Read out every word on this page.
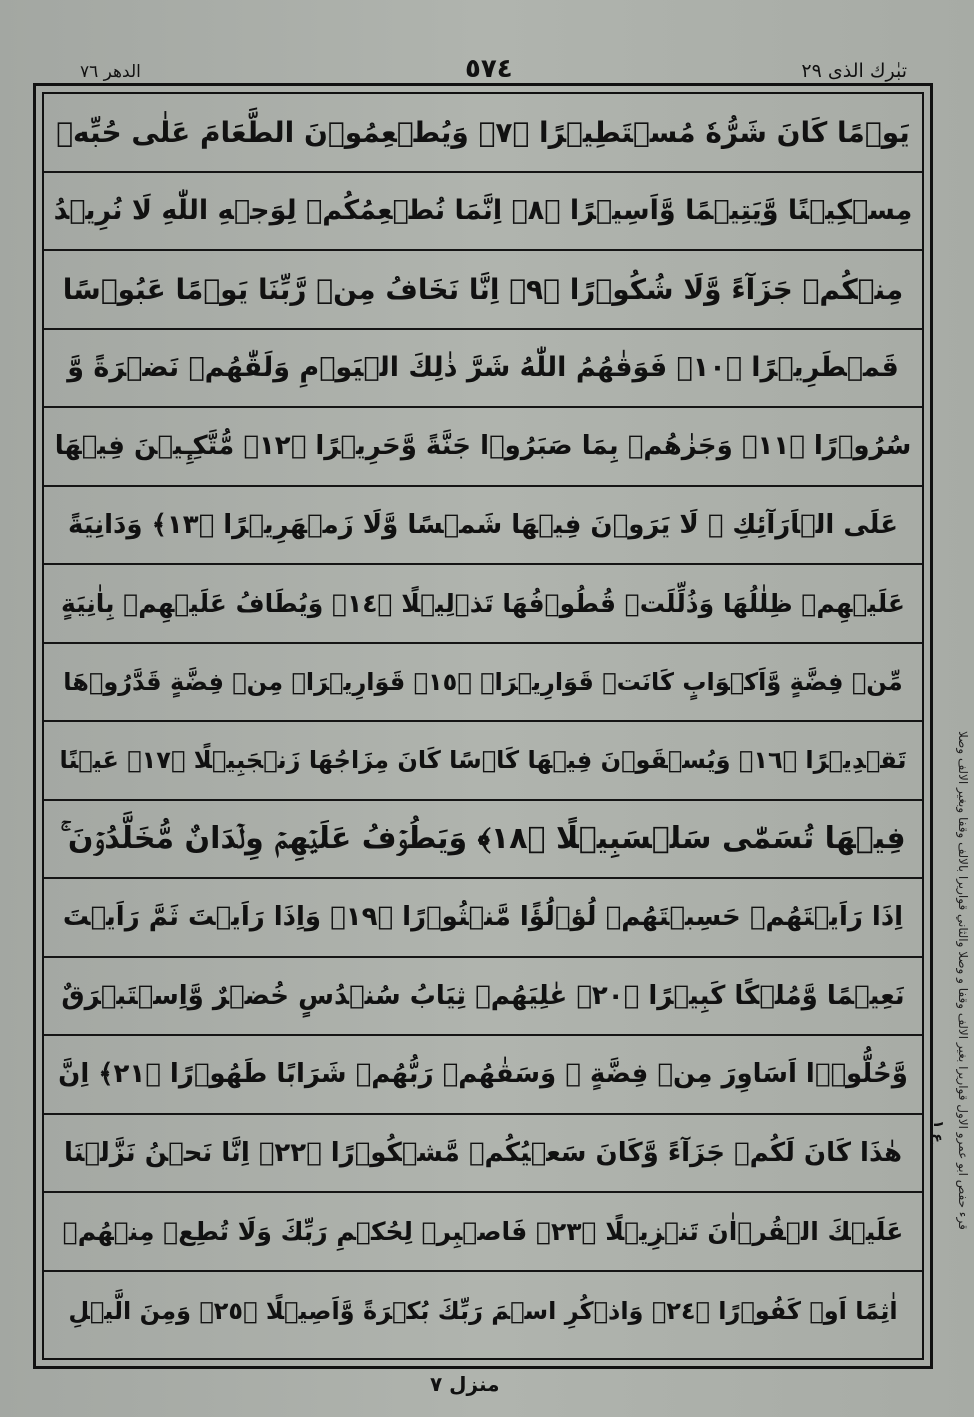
تبٰرك الذى ٢٩
٥٧٤
الدهر ٧٦
يَوۡمًا كَانَ شَرُّهٗ مُسۡتَطِيۡرًا ﴿٧﴾ وَيُطۡعِمُوۡنَ الطَّعَامَ عَلٰى حُبِّهٖ
مِسۡكِيۡنًا وَّيَتِيۡمًا وَّاَسِيۡرًا ﴿٨﴾ اِنَّمَا نُطۡعِمُكُمۡ لِوَجۡهِ اللّٰهِ لَا نُرِيۡدُ
مِنۡكُمۡ جَزَآءً وَّلَا شُكُوۡرًا ﴿٩﴾ اِنَّا نَخَافُ مِنۡ رَّبِّنَا يَوۡمًا عَبُوۡسًا
قَمۡطَرِيۡرًا ﴿١٠﴾ فَوَقٰهُمُ اللّٰهُ شَرَّ ذٰلِكَ الۡيَوۡمِ وَلَقّٰهُمۡ نَضۡرَةً وَّ
سُرُوۡرًا ﴿١١﴾ وَجَزٰهُمۡ بِمَا صَبَرُوۡا جَنَّةً وَّحَرِيۡرًا ﴿١٢﴾ مُّتَّكِـِٕيۡنَ فِيۡهَا
عَلَى الۡاَرَآئِكِ ۚ لَا يَرَوۡنَ فِيۡهَا شَمۡسًا وَّلَا زَمۡهَرِيۡرًا ﴿١٣﴾ وَدَانِيَةً
عَلَيۡهِمۡ ظِلٰلُهَا وَذُلِّلَتۡ قُطُوۡفُهَا تَذۡلِيۡلًا ﴿١٤﴾ وَيُطَافُ عَلَيۡهِمۡ بِاٰنِيَةٍ
مِّنۡ فِضَّةٍ وَّاَكۡوَابٍ كَانَتۡ قَوَارِيۡرَا۠ ﴿١٥﴾ قَوَارِيۡرَا۠ مِنۡ فِضَّةٍ قَدَّرُوۡهَا
تَقۡدِيۡرًا ﴿١٦﴾ وَيُسۡقَوۡنَ فِيۡهَا كَاۡسًا كَانَ مِزَاجُهَا زَنۡجَبِيۡلًا ﴿١٧﴾ عَيۡنًا
فِيۡهَا تُسَمّٰى سَلۡسَبِيۡلًا ﴿١٨﴾ وَيَطُوۡفُ عَلَيۡهِمۡ وِلۡدَانٌ مُّخَلَّدُوۡنَ ۚ
اِذَا رَاَيۡتَهُمۡ حَسِبۡتَهُمۡ لُؤۡلُؤًا مَّنۡثُوۡرًا ﴿١٩﴾ وَاِذَا رَاَيۡتَ ثَمَّ رَاَيۡتَ
نَعِيۡمًا وَّمُلۡكًا كَبِيۡرًا ﴿٢٠﴾ عٰلِيَهُمۡ ثِيَابُ سُنۡدُسٍ خُضۡرٌ وَّاِسۡتَبۡرَقٌ
وَّحُلُّوۡۤا اَسَاوِرَ مِنۡ فِضَّةٍ ۚ وَسَقٰهُمۡ رَبُّهُمۡ شَرَابًا طَهُوۡرًا ﴿٢١﴾ اِنَّ
هٰذَا كَانَ لَكُمۡ جَزَآءً وَّكَانَ سَعۡيُكُمۡ مَّشۡكُوۡرًا ﴿٢٢﴾ اِنَّا نَحۡنُ نَزَّلۡنَا
عَلَيۡكَ الۡقُرۡاٰنَ تَنۡزِيۡلًا ﴿٢٣﴾ فَاصۡبِرۡ لِحُكۡمِ رَبِّكَ وَلَا تُطِعۡ مِنۡهُمۡ
اٰثِمًا اَوۡ كَفُوۡرًا ﴿٢٤﴾ وَاذۡكُرِ اسۡمَ رَبِّكَ بُكۡرَةً وَّاَصِيۡلًا ﴿٢٥﴾ وَمِنَ الَّيۡلِ
قرء حفص ابو عمرو الاول قواریرا بغیر الالف وقفا و وصلا والثاني قواریرا بالالف وقفا وبغير الالف وصلا
ع ١
منزل ٧
